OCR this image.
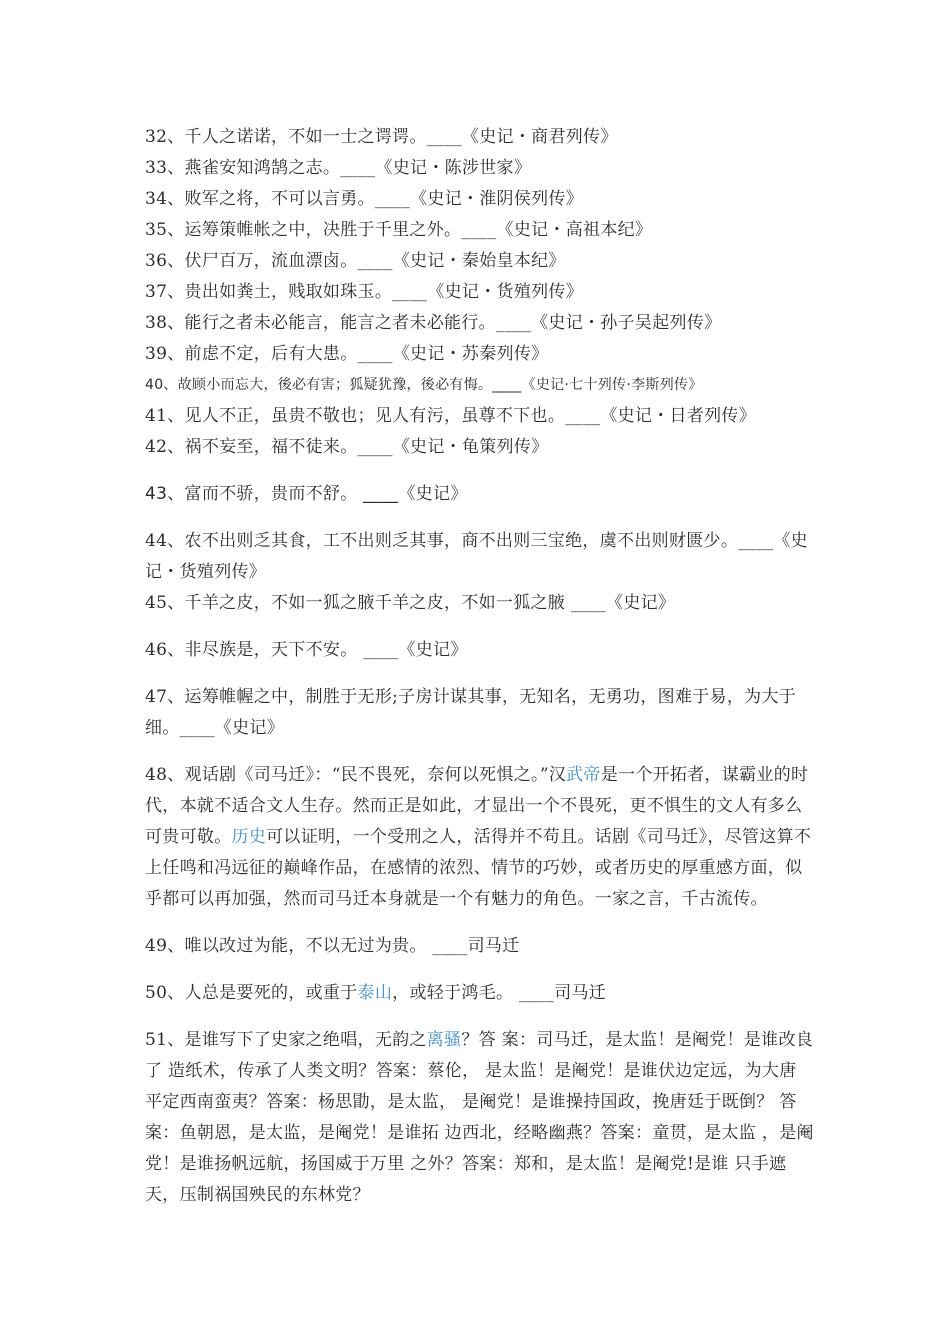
32、千人之诺诺，不如一士之谔谔。____《史记・商君列传》

33、燕雀安知鸿鹄之志。____《史记・陈涉世家》

34、败军之将，不可以言勇。____《史记・淮阴侯列传》

35、运筹策帷帐之中，决胜于千里之外。____《史记・高祖本纪》

36、伏尸百万，流血漂卤。____《史记・秦始皇本纪》

37、贵出如粪土，贱取如珠玉。____《史记・货殖列传》

38、能行之者未必能言，能言之者未必能行。____《史记・孙子吴起列传》

39、前虑不定，后有大患。____《史记・苏秦列传》

40、故顾小而忘大，後必有害；狐疑犹豫，後必有悔。____《史记·七十列传·李斯列传》

41、见人不正，虽贵不敬也；见人有污，虽尊不下也。____《史记・日者列传》

42、祸不妄至，福不徒来。____《史记・龟策列传》

43、富而不骄，贵而不舒。 ____《史记》

44、农不出则乏其食，工不出则乏其事，商不出则三宝绝，虞不出则财匮少。____《史记・货殖列传》

45、千羊之皮，不如一狐之腋千羊之皮，不如一狐之腋 ____《史记》

46、非尽族是，天下不安。 ____《史记》

47、运筹帷幄之中，制胜于无形;子房计谋其事，无知名，无勇功，图难于易，为大于细。____《史记》

48、观话剧《司马迁》：“民不畏死，奈何以死惧之。”汉武帝是一个开拓者，谋霸业的时代，本就不适合文人生存。然而正是如此，才显出一个不畏死，更不惧生的文人有多么可贵可敬。历史可以证明，一个受刑之人，活得并不苟且。话剧《司马迁》，尽管这算不上任鸣和冯远征的巅峰作品，在感情的浓烈、情节的巧妙，或者历史的厚重感方面，似乎都可以再加强，然而司马迁本身就是一个有魅力的角色。一家之言，千古流传。

49、唯以改过为能，不以无过为贵。 ____司马迁

50、人总是要死的，或重于泰山，或轻于鸿毛。 ____司马迁

51、是谁写下了史家之绝唱，无韵之离骚？答 案：司马迁，是太监！是阉党！是谁改良了 造纸术，传承了人类文明？答案：蔡伦， 是太监！是阉党！是谁伏边定远，为大唐 平定西南蛮夷？答案：杨思勖，是太监， 是阉党！是谁操持国政，挽唐廷于既倒？ 答案：鱼朝恩，是太监，是阉党！是谁拓 边西北，经略幽燕？答案：童贯，是太监 ，是阉党！是谁扬帆远航，扬国威于万里 之外？答案：郑和，是太监！是阉党!是谁 只手遮天，压制祸国殃民的东林党？
